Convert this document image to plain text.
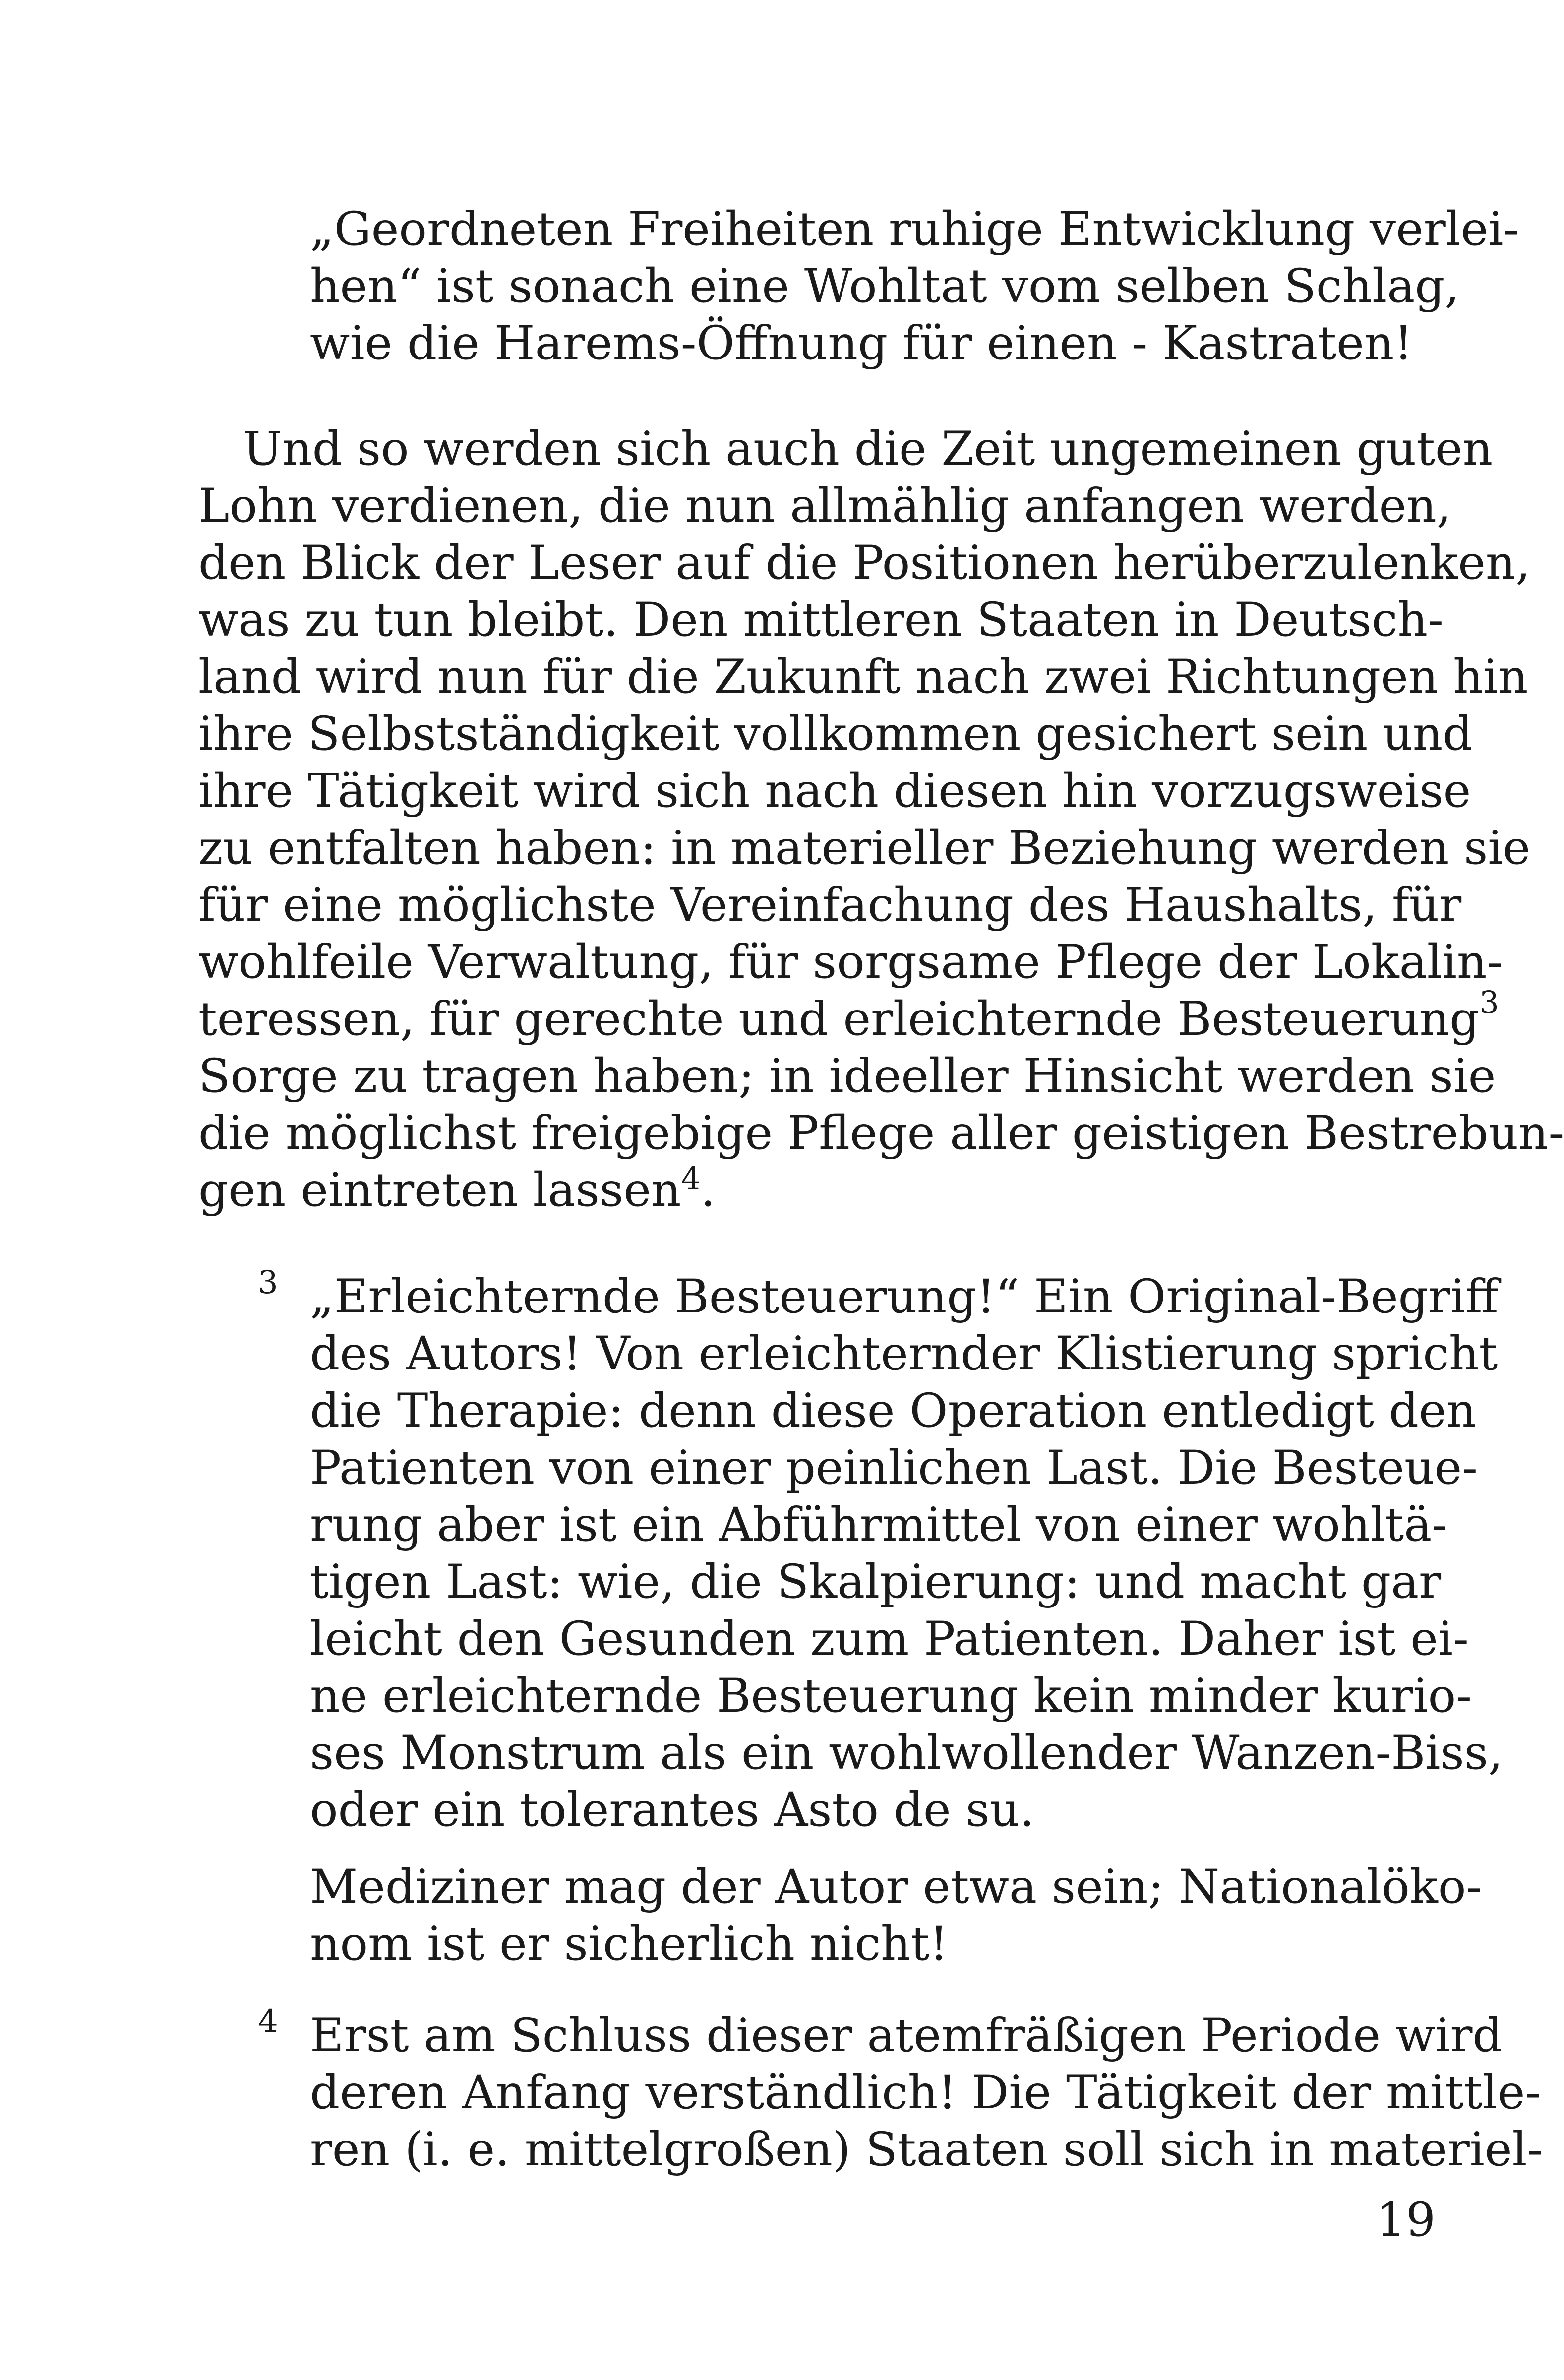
„Geordneten Freiheiten ruhige Entwicklung verlei-
hen“ ist sonach eine Wohltat vom selben Schlag,
wie die Harems-Öffnung für einen - Kastraten!
Und so werden sich auch die Zeit ungemeinen guten
Lohn verdienen, die nun allmählig anfangen werden,
den Blick der Leser auf die Positionen herüberzulenken,
was zu tun bleibt. Den mittleren Staaten in Deutsch-
land wird nun für die Zukunft nach zwei Richtungen hin
ihre Selbstständigkeit vollkommen gesichert sein und
ihre Tätigkeit wird sich nach diesen hin vorzugsweise
zu entfalten haben: in materieller Beziehung werden sie
für eine möglichste Vereinfachung des Haushalts, für
wohlfeile Verwaltung, für sorgsame Pflege der Lokalin-
teressen, für gerechte und erleichternde Besteuerung$^3$
Sorge zu tragen haben; in ideeller Hinsicht werden sie
die möglichst freigebige Pflege aller geistigen Bestrebun-
gen eintreten lassen$^4$.
3 „Erleichternde Besteuerung!“ Ein Original-Begriff
des Autors! Von erleichternder Klistierung spricht
die Therapie: denn diese Operation entledigt den
Patienten von einer peinlichen Last. Die Besteue-
rung aber ist ein Abführmittel von einer wohltä-
tigen Last: wie, die Skalpierung: und macht gar
leicht den Gesunden zum Patienten. Daher ist ei-
ne erleichternde Besteuerung kein minder kurio-
ses Monstrum als ein wohlwollender Wanzen-Biss,
oder ein tolerantes Asto de su.
Mediziner mag der Autor etwa sein; Nationalöko-
nom ist er sicherlich nicht!
4 Erst am Schluss dieser atemfräßigen Periode wird
deren Anfang verständlich! Die Tätigkeit der mittle-
ren (i. e. mittelgroßen) Staaten soll sich in materiel-
19
